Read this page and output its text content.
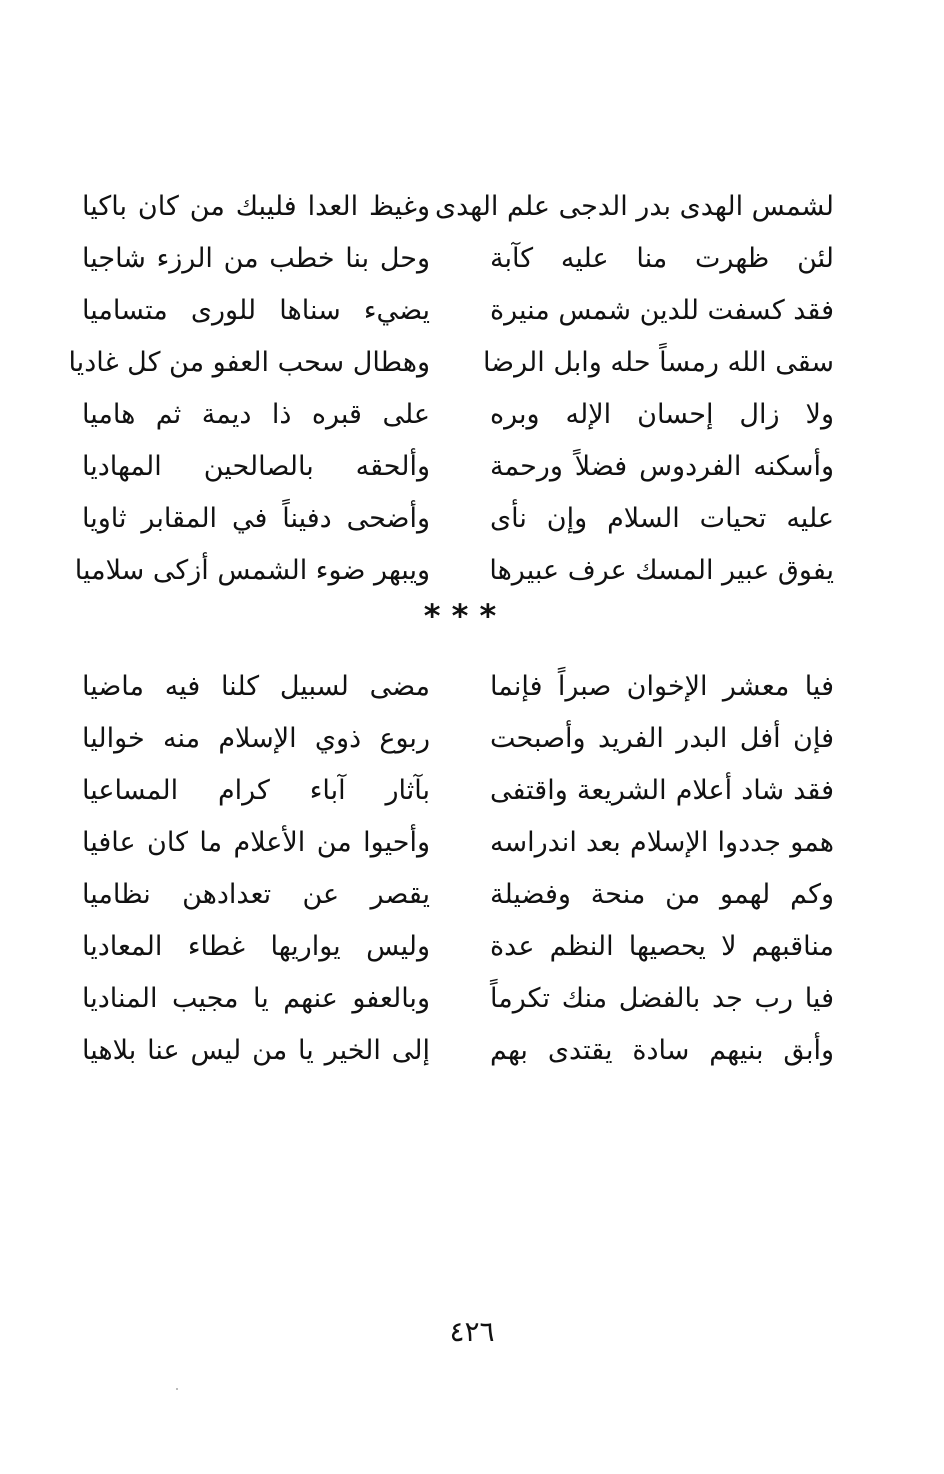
لشمس الهدى بدر الدجى علم الهدى
وغيظ العدا فليبك من كان باكيا
لئن ظهرت منا عليه كآبة
وحل بنا خطب من الرزء شاجيا
فقد كسفت للدين شمس منيرة
يضيء سناها للورى متساميا
سقى الله رمساً حله وابل الرضا
وهطال سحب العفو من كل غاديا
ولا زال إحسان الإله وبره
على قبره ذا ديمة ثم هاميا
وأسكنه الفردوس فضلاً ورحمة
وألحقه بالصالحين المهاديا
عليه تحيات السلام وإن نأى
وأضحى دفيناً في المقابر ثاويا
يفوق عبير المسك عرف عبيرها
ويبهر ضوء الشمس أزكى سلاميا
* * *
فيا معشر الإخوان صبراً فإنما
مضى لسبيل كلنا فيه ماضيا
فإن أفل البدر الفريد وأصبحت
ربوع ذوي الإسلام منه خواليا
فقد شاد أعلام الشريعة واقتفى
بآثار آباء كرام المساعيا
همو جددوا الإسلام بعد اندراسه
وأحيوا من الأعلام ما كان عافيا
وكم لهمو من منحة وفضيلة
يقصر عن تعدادهن نظاميا
مناقبهم لا يحصيها النظم عدة
وليس يواريها غطاء المعاديا
فيا رب جد بالفضل منك تكرماً
وبالعفو عنهم يا مجيب المناديا
وأبق بنيهم سادة يقتدى بهم
إلى الخير يا من ليس عنا بلاهيا
٤٢٦
